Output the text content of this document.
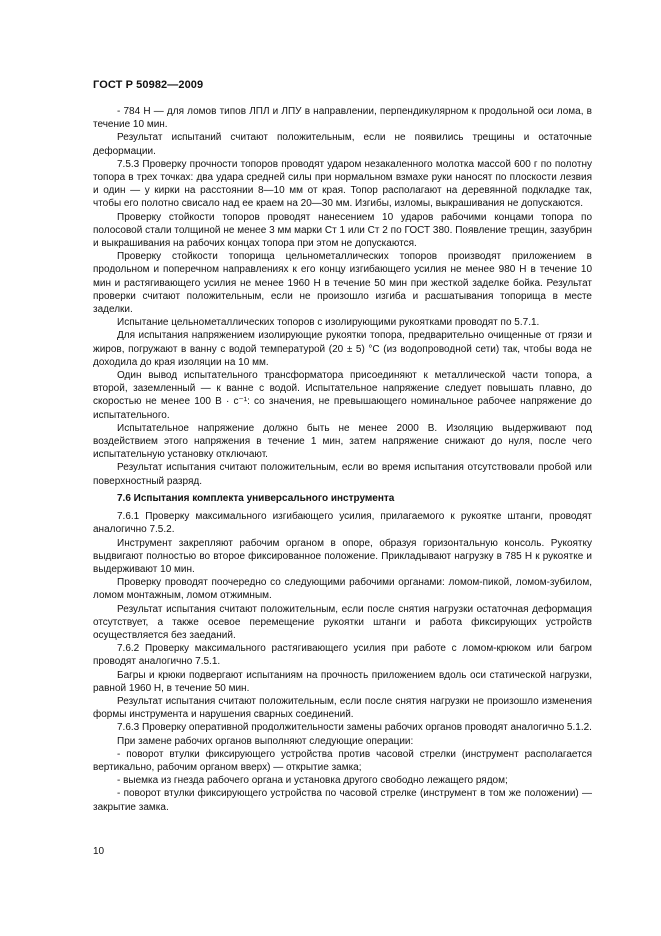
ГОСТ Р 50982—2009

- 784 Н — для ломов типов ЛПЛ и ЛПУ в направлении, перпендикулярном к продольной оси лома, в течение 10 мин.

Результат испытаний считают положительным, если не появились трещины и остаточные деформации.

7.5.3 Проверку прочности топоров проводят ударом незакаленного молотка массой 600 г по полотну топора в трех точках: два удара средней силы при нормальном взмахе руки наносят по плоскости лезвия и один — у кирки на расстоянии 8—10 мм от края. Топор располагают на деревянной подкладке так, чтобы его полотно свисало над ее краем на 20—30 мм. Изгибы, изломы, выкрашивания не допускаются.

Проверку стойкости топоров проводят нанесением 10 ударов рабочими концами топора по полосовой стали толщиной не менее 3 мм марки Ст 1 или Ст 2 по ГОСТ 380. Появление трещин, зазубрин и выкрашивания на рабочих концах топора при этом не допускаются.

Проверку стойкости топорища цельнометаллических топоров производят приложением в продольном и поперечном направлениях к его концу изгибающего усилия не менее 980 Н в течение 10 мин и растягивающего усилия не менее 1960 Н в течение 50 мин при жесткой заделке бойка. Результат проверки считают положительным, если не произошло изгиба и расшатывания топорища в месте заделки.

Испытание цельнометаллических топоров с изолирующими рукоятками проводят по 5.7.1.

Для испытания напряжением изолирующие рукоятки топора, предварительно очищенные от грязи и жиров, погружают в ванну с водой температурой (20 ± 5) °С (из водопроводной сети) так, чтобы вода не доходила до края изоляции на 10 мм.

Один вывод испытательного трансформатора присоединяют к металлической части топора, а второй, заземленный — к ванне с водой. Испытательное напряжение следует повышать плавно, до скоростью не менее 100 В · с⁻¹: со значения, не превышающего номинальное рабочее напряжение до испытательного.

Испытательное напряжение должно быть не менее 2000 В. Изоляцию выдерживают под воздействием этого напряжения в течение 1 мин, затем напряжение снижают до нуля, после чего испытательную установку отключают.

Результат испытания считают положительным, если во время испытания отсутствовали пробой или поверхностный разряд.

7.6 Испытания комплекта универсального инструмента

7.6.1 Проверку максимального изгибающего усилия, прилагаемого к рукоятке штанги, проводят аналогично 7.5.2.

Инструмент закрепляют рабочим органом в опоре, образуя горизонтальную консоль. Рукоятку выдвигают полностью во второе фиксированное положение. Прикладывают нагрузку в 785 Н к рукоятке и выдерживают 10 мин.

Проверку проводят поочередно со следующими рабочими органами: ломом-пикой, ломом-зубилом, ломом монтажным, ломом отжимным.

Результат испытания считают положительным, если после снятия нагрузки остаточная деформация отсутствует, а также осевое перемещение рукоятки штанги и работа фиксирующих устройств осуществляется без заеданий.

7.6.2 Проверку максимального растягивающего усилия при работе с ломом-крюком или багром проводят аналогично 7.5.1.

Багры и крюки подвергают испытаниям на прочность приложением вдоль оси статической нагрузки, равной 1960 Н, в течение 50 мин.

Результат испытания считают положительным, если после снятия нагрузки не произошло изменения формы инструмента и нарушения сварных соединений.

7.6.3 Проверку оперативной продолжительности замены рабочих органов проводят аналогично 5.1.2.

При замене рабочих органов выполняют следующие операции:

- поворот втулки фиксирующего устройства против часовой стрелки (инструмент располагается вертикально, рабочим органом вверх) — открытие замка;

- выемка из гнезда рабочего органа и установка другого свободно лежащего рядом;

- поворот втулки фиксирующего устройства по часовой стрелке (инструмент в том же положении) — закрытие замка.

10
